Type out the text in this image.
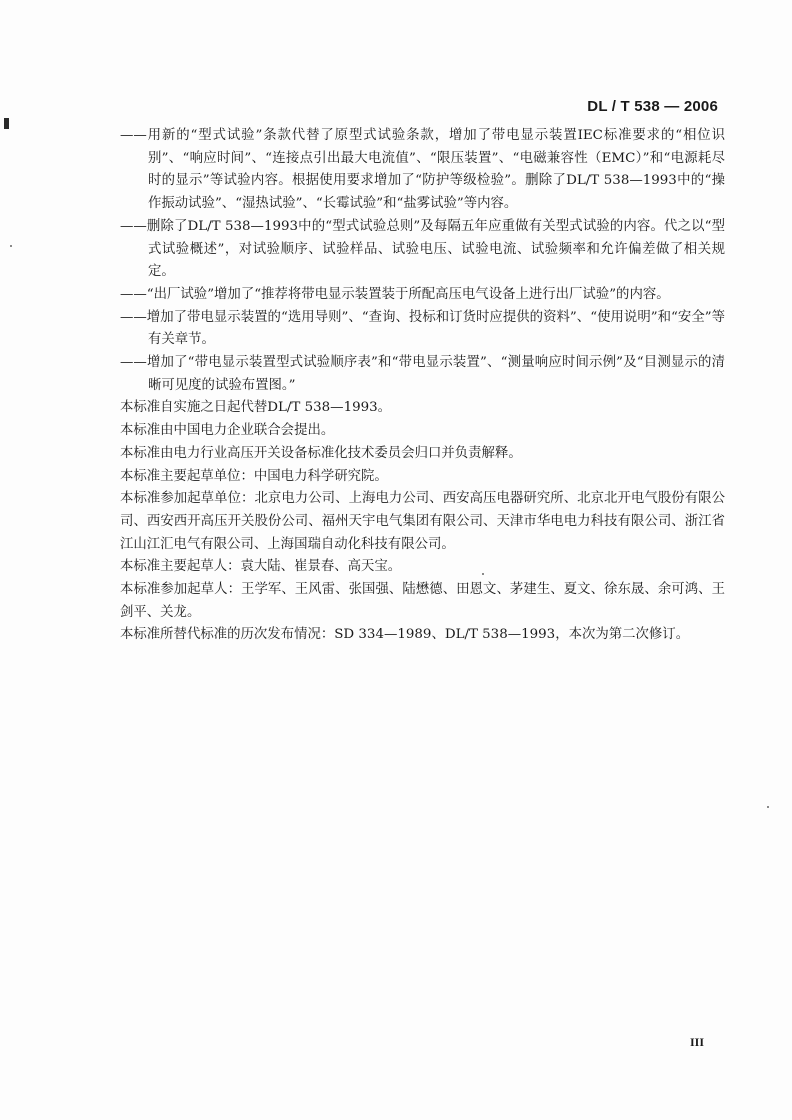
DL / T 538 — 2006
——用新的“型式试验”条款代替了原型式试验条款，增加了带电显示装置IEC标准要求的“相位识别”、“响应时间”、“连接点引出最大电流值”、“限压装置”、“电磁兼容性（EMC）”和“电源耗尽时的显示”等试验内容。根据使用要求增加了“防护等级检验”。删除了DL/T 538—1993中的“操作振动试验”、“湿热试验”、“长霉试验”和“盐雾试验”等内容。
——删除了DL/T 538—1993中的“型式试验总则”及每隔五年应重做有关型式试验的内容。代之以“型式试验概述”，对试验顺序、试验样品、试验电压、试验电流、试验频率和允许偏差做了相关规定。
——“出厂试验”增加了“推荐将带电显示装置装于所配高压电气设备上进行出厂试验”的内容。
——增加了带电显示装置的“选用导则”、“查询、投标和订货时应提供的资料”、“使用说明”和“安全”等有关章节。
——增加了“带电显示装置型式试验顺序表”和“带电显示装置”、“测量响应时间示例”及“目测显示的清晰可见度的试验布置图。”
本标准自实施之日起代替DL/T 538—1993。
本标准由中国电力企业联合会提出。
本标准由电力行业高压开关设备标准化技术委员会归口并负责解释。
本标准主要起草单位：中国电力科学研究院。
本标准参加起草单位：北京电力公司、上海电力公司、西安高压电器研究所、北京北开电气股份有限公司、西安西开高压开关股份公司、福州天宇电气集团有限公司、天津市华电电力科技有限公司、浙江省江山江汇电气有限公司、上海国瑞自动化科技有限公司。
本标准主要起草人：袁大陆、崔景春、高天宝。
本标准参加起草人：王学军、王风雷、张国强、陆懋德、田恩文、茅建生、夏文、徐东晟、余可鸿、王剑平、关龙。
本标准所替代标准的历次发布情况：SD 334—1989、DL/T 538—1993，本次为第二次修订。
III
